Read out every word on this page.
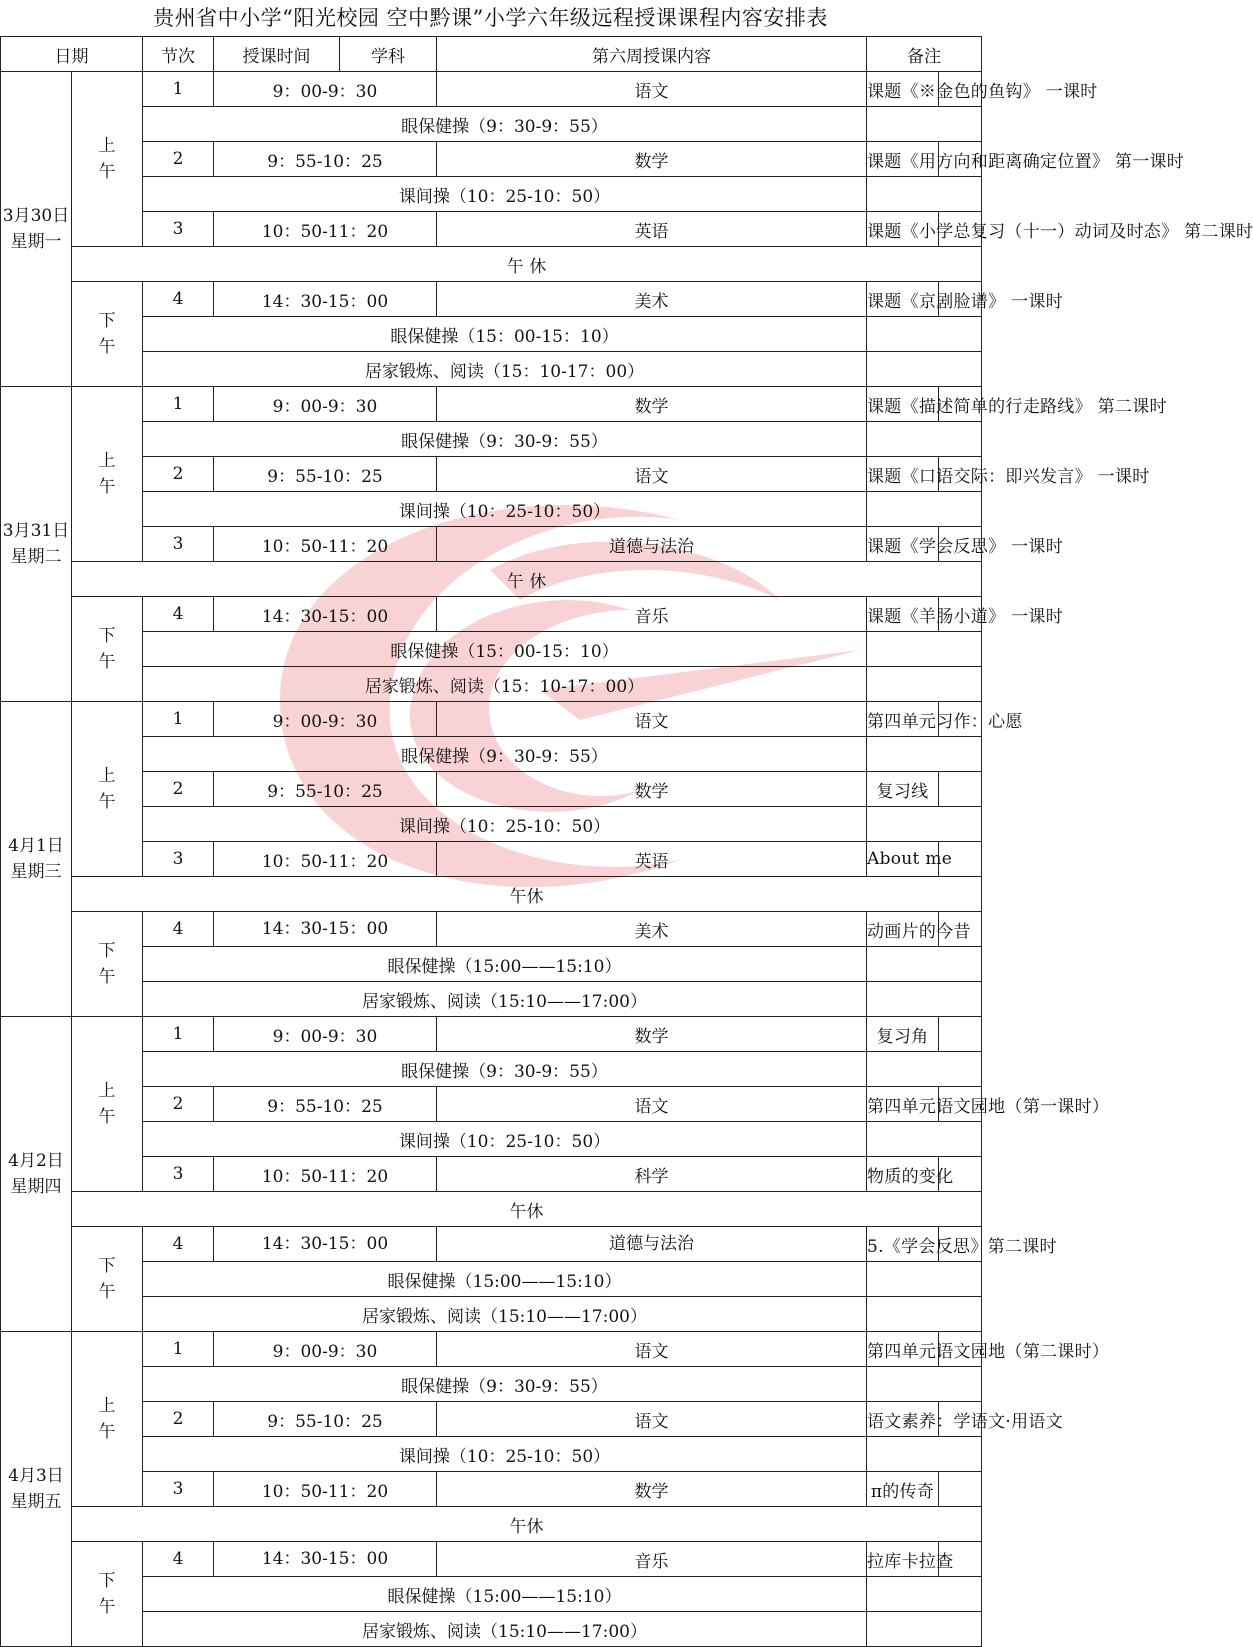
贵州省中小学“阳光校园 空中黔课”小学六年级远程授课课程内容安排表
日期		节次	授课时间	学科	第六周授课内容	备注	

3月30日
星期一	上午	1	9：00-9：30		语文	课题《※金色的鱼钩》 一课时	
		眼保健操（9：30-9：55）					
		2	9：55-10：25		数学	课题《用方向和距离确定位置》 第一课时	
		课间操（10：25-10：50）					
		3	10：50-11：20		英语	课题《小学总复习（十一）动词及时态》 第二课时	
	午 休						
	下午	4	14：30-15：00		美术	课题《京剧脸谱》 一课时	
		眼保健操（15：00-15：10）					
		居家锻炼、阅读（15：10-17：00）					

3月31日
星期二	上午	1	9：00-9：30		数学	课题《描述简单的行走路线》 第二课时	
		眼保健操（9：30-9：55）					
		2	9：55-10：25		语文	课题《口语交际：即兴发言》 一课时	
		课间操（10：25-10：50）					
		3	10：50-11：20		道德与法治	课题《学会反思》 一课时	
	午 休						
	下午	4	14：30-15：00		音乐	课题《羊肠小道》 一课时	
		眼保健操（15：00-15：10）					
		居家锻炼、阅读（15：10-17：00）					

4月1日
星期三	上午	1	9：00-9：30		语文	第四单元习作：心愿	
		眼保健操（9：30-9：55）					
		2	9：55-10：25		数学	复习线	
		课间操（10：25-10：50）					
		3	10：50-11：20		英语	About me	
	午休						
	下午	4	14：30-15：00		美术	动画片的今昔	
		眼保健操（15:00——15:10）					
		居家锻炼、阅读（15:10——17:00）					

4月2日
星期四	上午	1	9：00-9：30		数学	复习角	
		眼保健操（9：30-9：55）					
		2	9：55-10：25		语文	第四单元语文园地（第一课时）	
		课间操（10：25-10：50）					
		3	10：50-11：20		科学	物质的变化	
	午休						
	下午	4	14：30-15：00		道德与法治	5.《学会反思》第二课时	
		眼保健操（15:00——15:10）					
		居家锻炼、阅读（15:10——17:00）					

4月3日
星期五	上午	1	9：00-9：30		语文	第四单元语文园地（第二课时）	
		眼保健操（9：30-9：55）					
		2	9：55-10：25		语文	语文素养：学语文·用语文	
		课间操（10：25-10：50）					
		3	10：50-11：20		数学	π的传奇	
	午休						
	下午	4	14：30-15：00		音乐	拉库卡拉查	
		眼保健操（15:00——15:10）					
		居家锻炼、阅读（15:10——17:00）					
